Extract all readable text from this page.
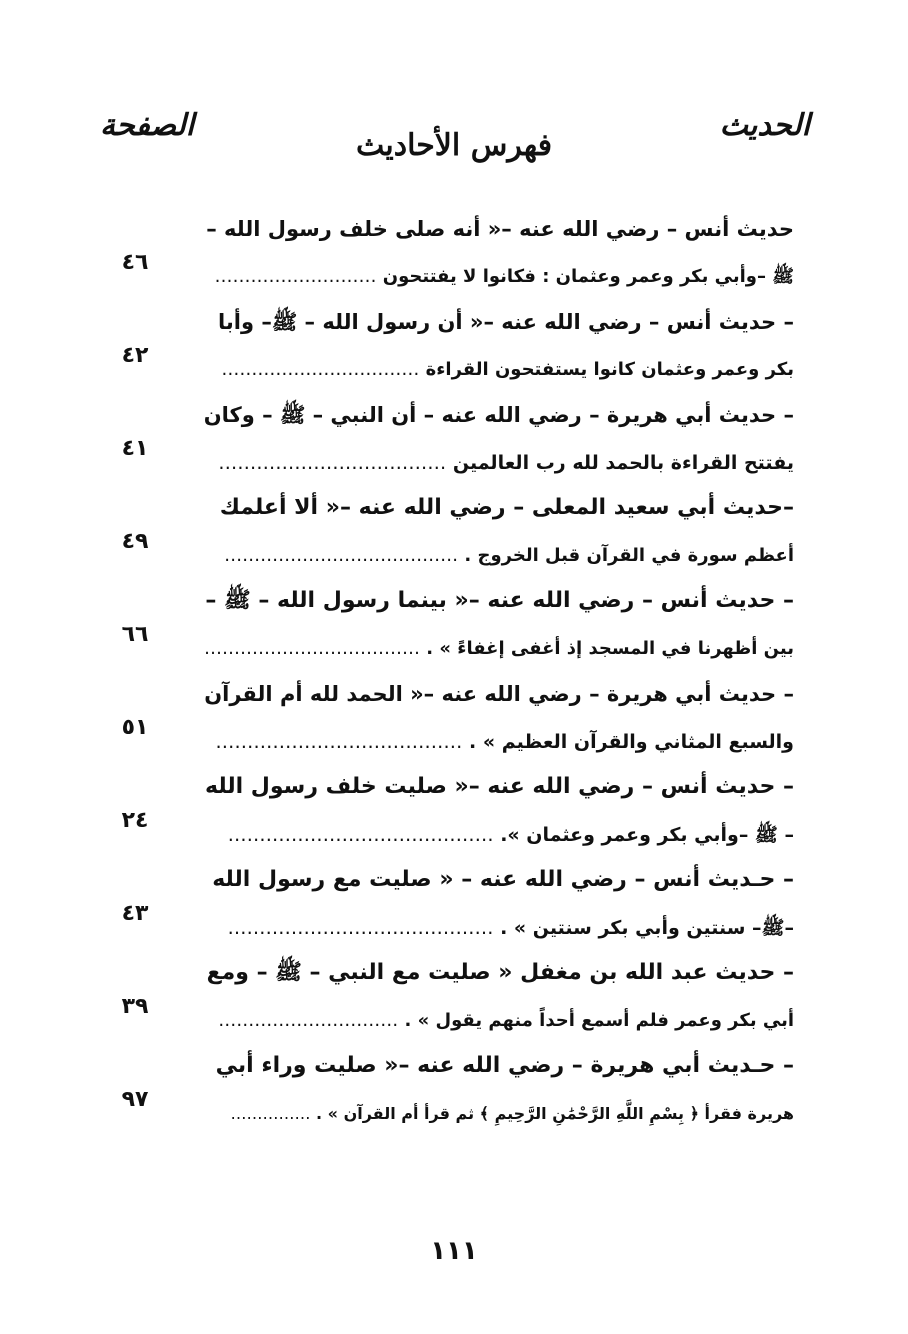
الحديث
الصفحة
فهرس الأحاديث
حديث أنس – رضي الله عنه –« أنه صلى خلف رسول الله –
ﷺ –وأبي بكر وعمر وعثمان : فكانوا لا يفتتحون ………………………
٤٦
– حديث أنس – رضي الله عنه –« أن رسول الله – ﷺ– وأبا
بكر وعمر وعثمان كانوا يستفتحون القراءة ……………………………
٤٢
– حديث أبي هريرة – رضي الله عنه – أن النبي – ﷺ – وكان
يفتتح القراءة بالحمد لله رب العالمين ………………………………
٤١
–حديث أبي سعيد المعلى – رضي الله عنه –« ألا أعلمك
أعظم سورة في القرآن قبل الخروج . …………………………………
٤٩
– حديث أنس – رضي الله عنه –« بينما رسول الله – ﷺ –
بين أظهرنا في المسجد إذ أغفى إغفاءً » . ………………………………
٦٦
– حديث أبي هريرة – رضي الله عنه –« الحمد لله أم القرآن
والسبع المثاني والقرآن العظيم » . …………………………………
٥١
– حديث أنس – رضي الله عنه –« صليت خلف رسول الله
– ﷺ –وأبي بكر وعمر وعثمان ». ……………………………………
٢٤
– حـديث أنس – رضي الله عنه – « صليت مع رسول الله
–ﷺ– سنتين وأبي بكر سنتين » . ……………………………………
٤٣
– حديث عبد الله بن مغفل « صليت مع النبي – ﷺ – ومع
أبي بكر وعمر فلم أسمع أحداً منهم يقول » . …………………………
٣٩
– حـديث أبي هريرة – رضي الله عنه –« صليت وراء أبي
هريرة فقرأ ﴿ بِسْمِ اللَّهِ الرَّحْمَٰنِ الرَّحِيمِ ﴾ ثم قرأ أم القرآن » . ……………
٩٧
١١١
